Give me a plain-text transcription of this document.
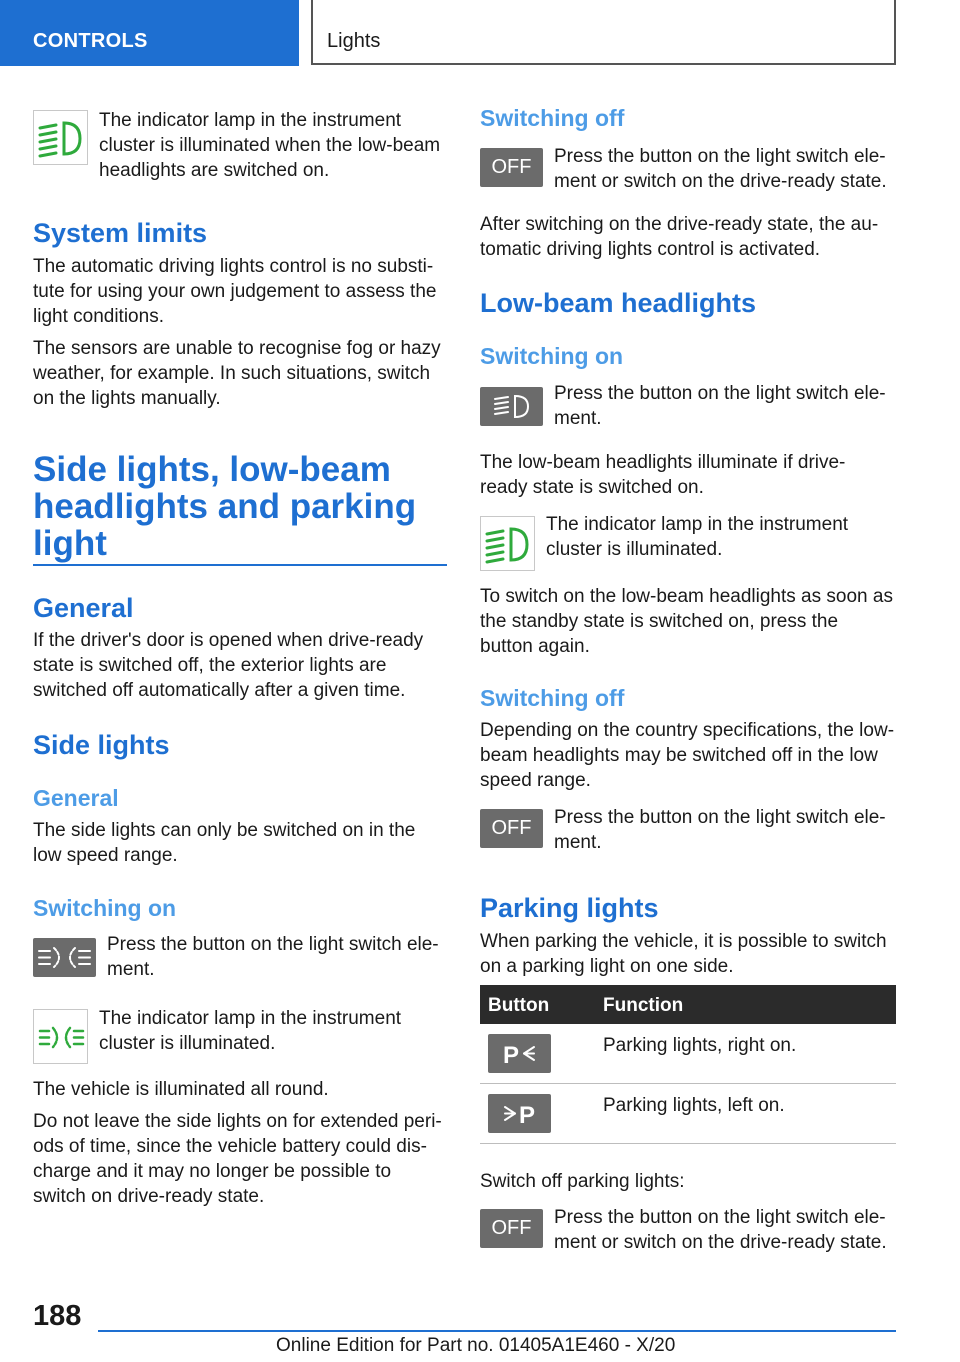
CONTROLS	Lights

The indicator lamp in the instrument cluster is illuminated when the low-beam headlights are switched on.

System limits

The automatic driving lights control is no substi- tute for using your own judgement to assess the light conditions.

The sensors are unable to recognise fog or hazy weather, for example. In such situations, switch on the lights manually.

Side lights, low-beam
headlights and parking
light
General

If the driver's door is opened when drive-ready state is switched off, the exterior lights are switched off automatically after a given time.

Side lights
General

The side lights can only be switched on in the low speed range.

Switching on

Press the button on the light switch ele- ment.

The indicator lamp in the instrument cluster is illuminated.

The vehicle is illuminated all round.

Do not leave the side lights on for extended peri- ods of time, since the vehicle battery could dis- charge and it may no longer be possible to switch on drive-ready state.

Switching off
OFF	Press the button on the light switch ele- ment or switch on the drive-ready state.

After switching on the drive-ready state, the au- tomatic driving lights control is activated.

Low-beam headlights
Switching on

Press the button on the light switch ele- ment.

The low-beam headlights illuminate if drive- ready state is switched on.

The indicator lamp in the instrument cluster is illuminated.

To switch on the low-beam headlights as soon as the standby state is switched on, press the button again.

Switching off

Depending on the country specifications, the low-beam headlights may be switched off in the low speed range.

OFF	Press the button on the light switch ele- ment.

Parking lights

When parking the vehicle, it is possible to switch on a parking light on one side.

Switch off parking lights:

OFF	Press the button on the light switch ele- ment or switch on the drive-ready state.

Button	Function
P	Parking lights, right on.

P	Parking lights, left on.

188
Online Edition for Part no. 01405A1E460 - X/20
